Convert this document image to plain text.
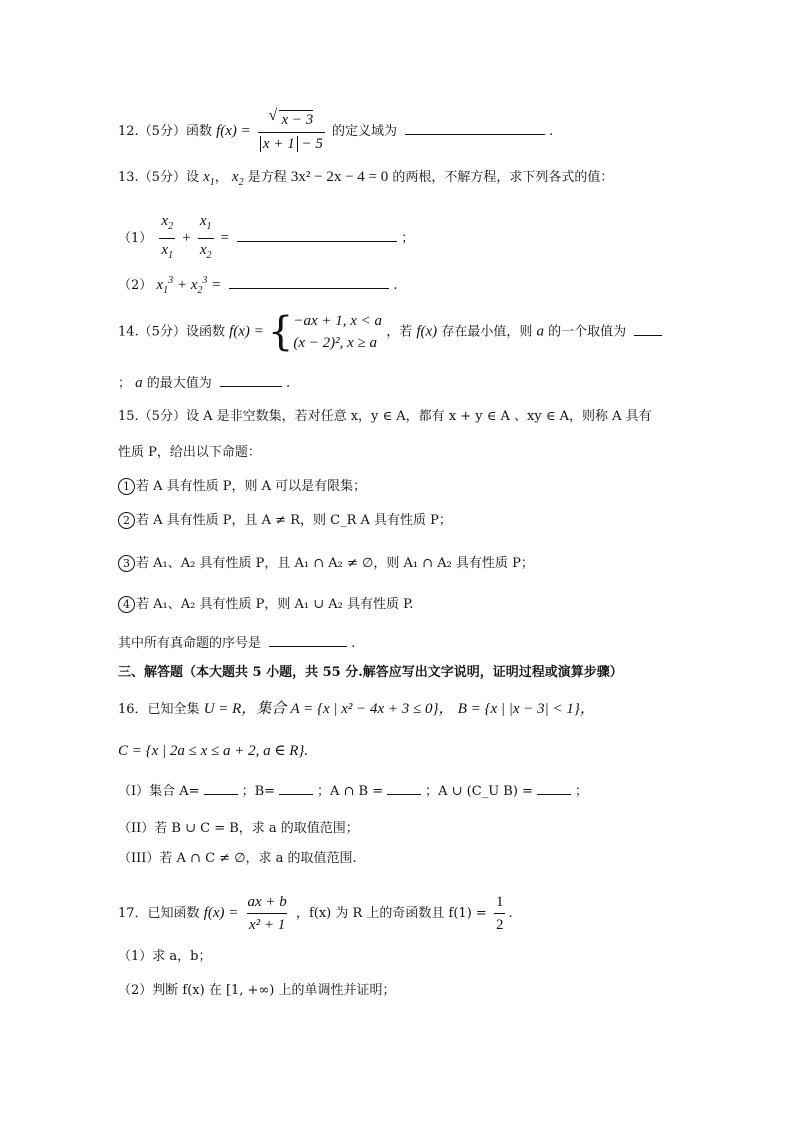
12.（5分）函数 f(x) =
√ $\frac{x - 3}{x + 1 - 5}$ 的定义域为	.
13.（5分）设 $x_1$， $x_2$ 是方程 3x² − 2x − 4 = 0 的两根，不解方程，求下列各式的值：
$(1) \frac{x_2}{x_1} + \frac{x_1}{x_2}$ =	；
（2） $x_1^3 + x_2^3$ =	.
14.（5分）设函数 f(x) = { −ax + 1, x < a
(x − 2)², x ≥ a
，若 f(x) 存在最小值，则 a 的一个取值为
； a 的最大值为	.
15.（5分）设 A 是非空数集，若对任意 x，y ∈ A，都有 x + y ∈ A 、xy ∈ A，则称 A 具有
性质 P，给出以下命题：
1 若 A 具有性质 P，则 A 可以是有限集；
2 若 A 具有性质 P，且 A ≠ R，则 C_R A 具有性质 P；
3 若 A₁、A₂ 具有性质 P，且 A₁ ∩ A₂ ≠ ∅，则 A₁ ∩ A₂ 具有性质 P；
4 若 A₁、A₂ 具有性质 P，则 A₁ ∪ A₂ 具有性质 P.
其中所有真命题的序号是	.
三、解答题（本大题共 5 小题，共 55 分.解答应写出文字说明，证明过程或演算步骤）
16．已知全集 U = R，集合 A = {x | x² − 4x + 3 ≤ 0}， B = {x | |x − 3| < 1}，
C = {x | 2a ≤ x ≤ a + 2, a ∈ R}.
（I）集合 A=	；B=	；A ∩ B =	；A ∪ (C_U B) =	；
（II）若 B ∪ C = B，求 a 的取值范围；
（III）若 A ∩ C ≠ ∅，求 a 的取值范围.
17．已知函数 $f(x) = \frac{ax + b}{\text{x² + 1}}$ ，f(x) 为 R 上的奇函数且 $f(1) = \frac{1}{2}$ .
（1）求 a，b；
（2）判断 f(x) 在 [1, +∞) 上的单调性并证明；
